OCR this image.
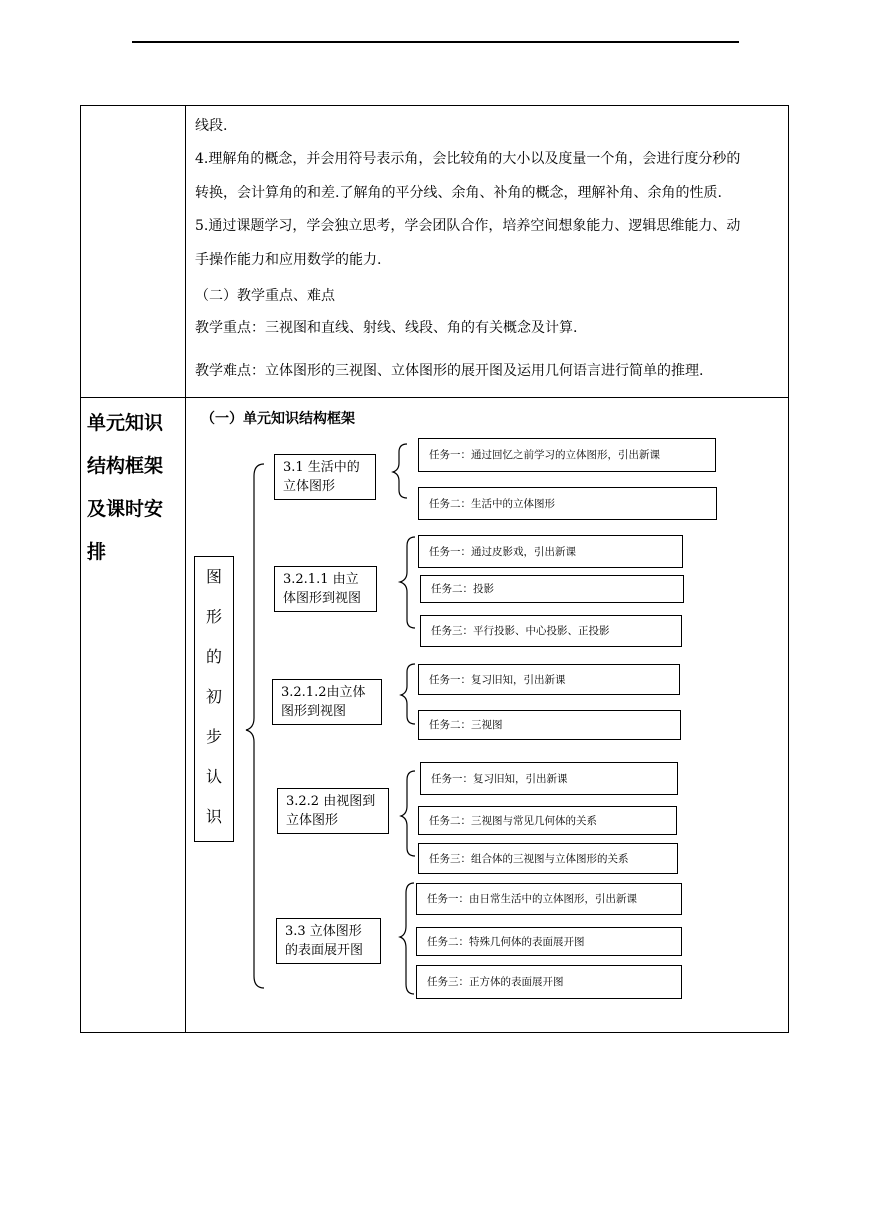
线段.
4.理解角的概念，并会用符号表示角，会比较角的大小以及度量一个角，会进行度分秒的
转换，会计算角的和差.了解角的平分线、余角、补角的概念，理解补角、余角的性质.
5.通过课题学习，学会独立思考，学会团队合作，培养空间想象能力、逻辑思维能力、动
手操作能力和应用数学的能力.
（二）教学重点、难点
教学重点：三视图和直线、射线、线段、角的有关概念及计算.
教学难点：立体图形的三视图、立体图形的展开图及运用几何语言进行简单的推理.
单元知识
结构框架
及课时安
排
（一）单元知识结构框架
图
形
的
初
步
认
识
3.1 生活中的
立体图形
3.2.1.1 由立
体图形到视图
3.2.1.2由立体
图形到视图
3.2.2 由视图到
立体图形
3.3 立体图形
的表面展开图
任务一：通过回忆之前学习的立体图形，引出新课
任务二：生活中的立体图形
任务一：通过皮影戏，引出新课
任务二：投影
任务三：平行投影、中心投影、正投影
任务一：复习旧知，引出新课
任务二：三视图
任务一：复习旧知，引出新课
任务二：三视图与常见几何体的关系
任务三：组合体的三视图与立体图形的关系
任务一：由日常生活中的立体图形，引出新课
任务二：特殊几何体的表面展开图
任务三：正方体的表面展开图
